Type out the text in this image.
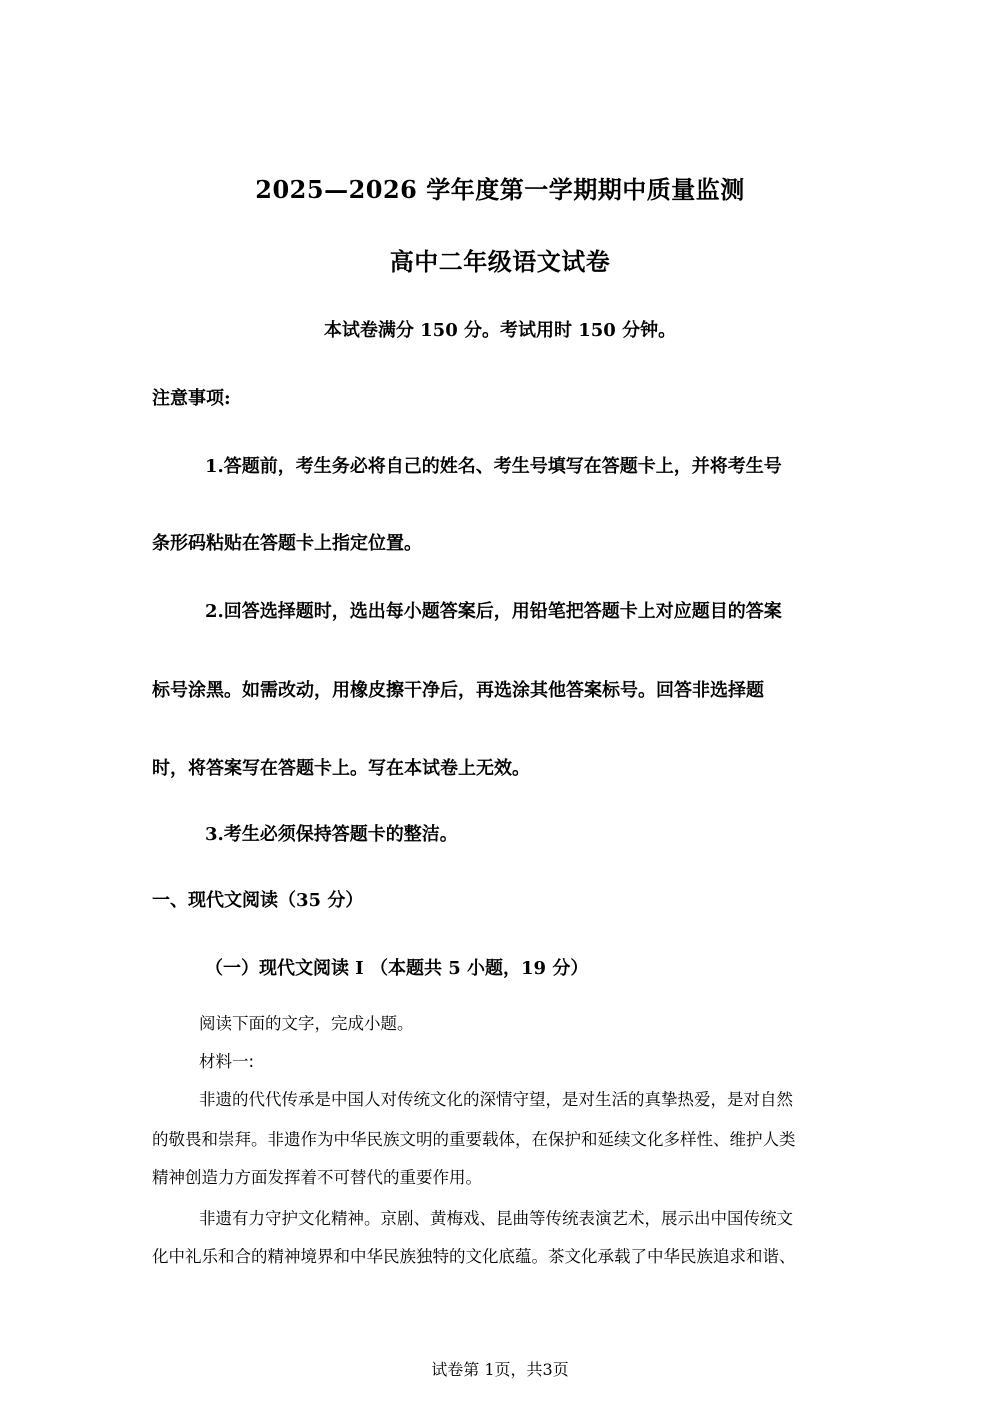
2025—2026 学年度第一学期期中质量监测
高中二年级语文试卷
本试卷满分 150 分。考试用时 150 分钟。
注意事项:
1.答题前，考生务必将自己的姓名、考生号填写在答题卡上，并将考生号
条形码粘贴在答题卡上指定位置。
2.回答选择题时，选出每小题答案后，用铅笔把答题卡上对应题目的答案
标号涂黑。如需改动，用橡皮擦干净后，再选涂其他答案标号。回答非选择题
时，将答案写在答题卡上。写在本试卷上无效。
3.考生必须保持答题卡的整洁。
一、现代文阅读（35 分）
（一）现代文阅读 I （本题共 5 小题，19 分）
阅读下面的文字，完成小题。
材料一:
非遗的代代传承是中国人对传统文化的深情守望，是对生活的真挚热爱，是对自然
的敬畏和崇拜。非遗作为中华民族文明的重要载体，在保护和延续文化多样性、维护人类
精神创造力方面发挥着不可替代的重要作用。
非遗有力守护文化精神。京剧、黄梅戏、昆曲等传统表演艺术，展示出中国传统文
化中礼乐和合的精神境界和中华民族独特的文化底蕴。茶文化承载了中华民族追求和谐、
试卷第 1页，共3页
